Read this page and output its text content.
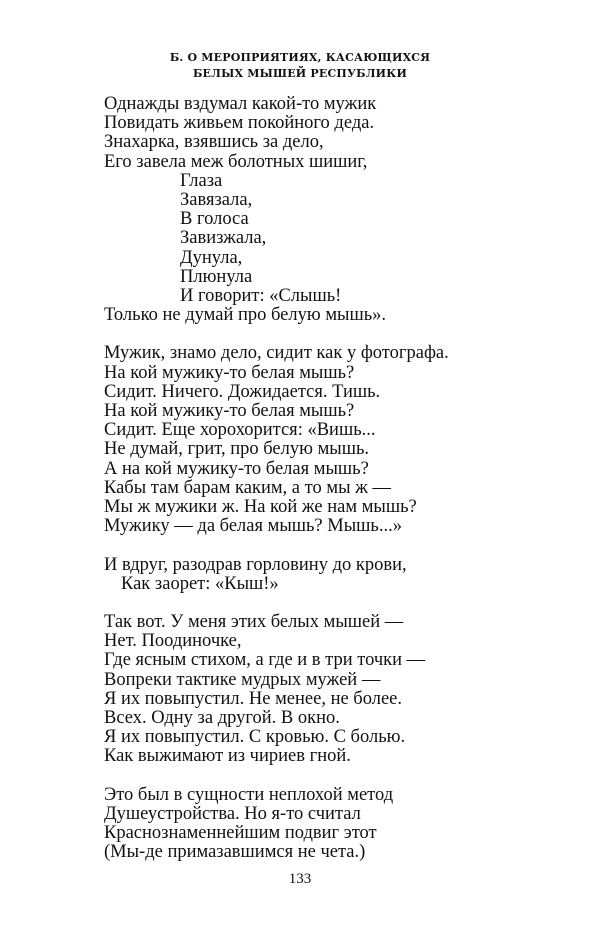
Б. О МЕРОПРИЯТИЯХ, КАСАЮЩИХСЯ
БЕЛЫХ МЫШЕЙ РЕСПУБЛИКИ
Однажды вздумал какой-то мужик
Повидать живьем покойного деда.
Знахарка, взявшись за дело,
Его завела меж болотных шишиг,
Глаза
Завязала,
В голоса
Завизжала,
Дунула,
Плюнула
И говорит: «Слышь!
Только не думай про белую мышь».
Мужик, знамо дело, сидит как у фотографа.
На кой мужику-то белая мышь?
Сидит. Ничего. Дожидается. Тишь.
На кой мужику-то белая мышь?
Сидит. Еще хорохорится: «Вишь...
Не думай, грит, про белую мышь.
А на кой мужику-то белая мышь?
Кабы там барам каким, а то мы ж —
Мы ж мужики ж. На кой же нам мышь?
Мужику — да белая мышь? Мышь...»
И вдруг, разодрав горловину до крови,
Как заорет: «Кыш!»
Так вот. У меня этих белых мышей —
Нет. Поодиночке,
Где ясным стихом, а где и в три точки —
Вопреки тактике мудрых мужей —
Я их повыпустил. Не менее, не более.
Всех. Одну за другой. В окно.
Я их повыпустил. С кровью. С болью.
Как выжимают из чириев гной.
Это был в сущности неплохой метод
Душеустройства. Но я-то считал
Краснознаменнейшим подвиг этот
(Мы-де примазавшимся не чета.)
133
